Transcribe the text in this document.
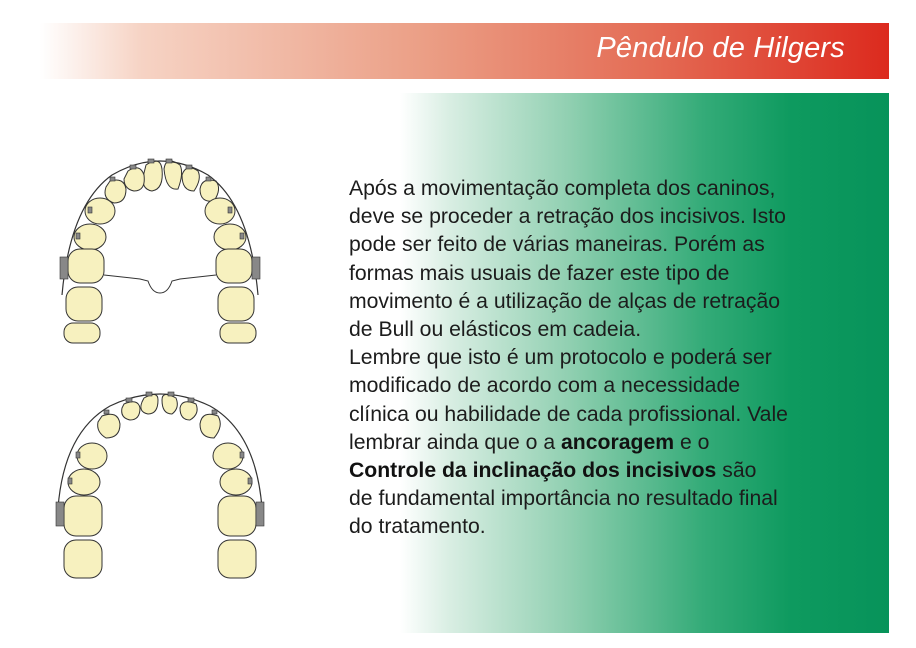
Pêndulo de Hilgers

Após a movimentação completa dos caninos,

deve se proceder a retração dos incisivos. Isto

pode ser feito de várias maneiras. Porém as

formas mais usuais de fazer este tipo de

movimento é a utilização de alças de retração

de Bull ou elásticos em cadeia.

Lembre que isto é um protocolo e poderá ser

modificado de acordo com a necessidade

clínica ou habilidade de cada profissional. Vale

lembrar ainda que o a ancoragem e o

Controle da inclinação dos incisivos são

de fundamental importância no resultado final

do tratamento.
